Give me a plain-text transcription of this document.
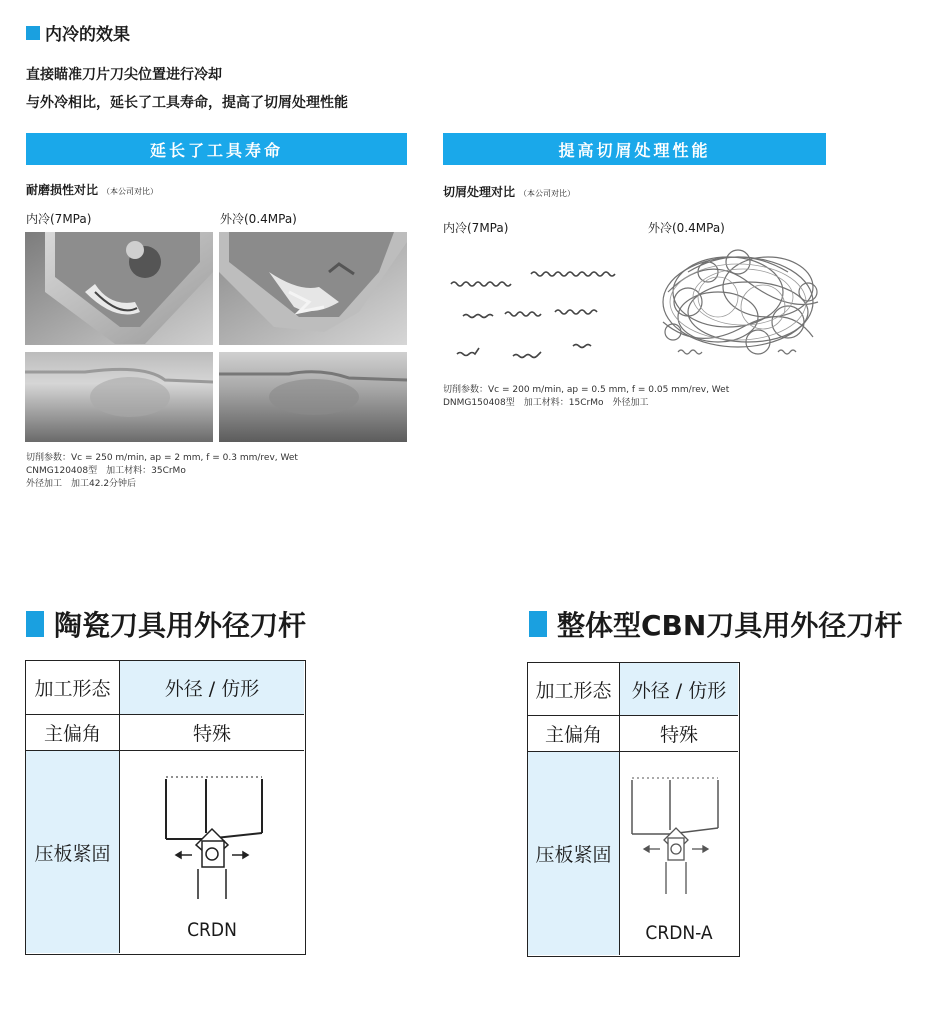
内冷的效果
直接瞄准刀片刀尖位置进行冷却
与外冷相比，延长了工具寿命，提高了切屑处理性能
延长了工具寿命
耐磨损性对比 （本公司对比）
内冷(7MPa)	外冷(0.4MPa)
切削参数：Vc = 250 m/min, ap = 2 mm, f = 0.3 mm/rev, Wet
CNMG120408型　加工材料：35CrMo
外径加工　加工42.2分钟后
提高切屑处理性能
切屑处理对比 （本公司对比）
内冷(7MPa)	外冷(0.4MPa)
切削参数：Vc = 200 m/min, ap = 0.5 mm, f = 0.05 mm/rev, Wet
DNMG150408型　加工材料：15CrMo　外径加工
陶瓷刀具用外径刀杆
加工形态	外径 / 仿形
主偏角	特殊
压板紧固
CRDN
整体型CBN刀具用外径刀杆
加工形态	外径 / 仿形
主偏角	特殊
压板紧固
CRDN-A
